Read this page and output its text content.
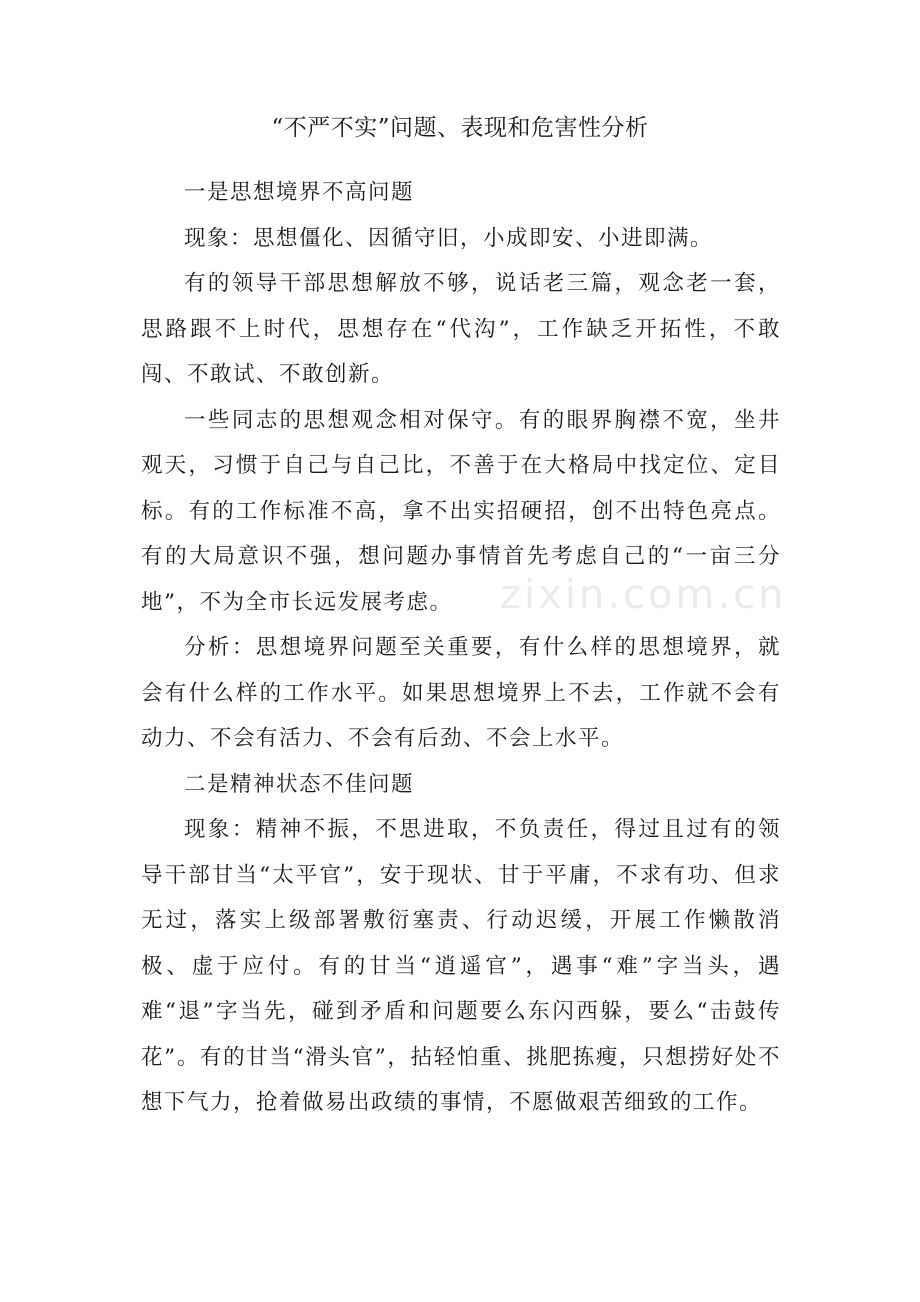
“不严不实”问题、表现和危害性分析

一是思想境界不高问题

现象：思想僵化、因循守旧，小成即安、小进即满。

有的领导干部思想解放不够，说话老三篇，观念老一套，思路跟不上时代，思想存在“代沟”，工作缺乏开拓性，不敢闯、不敢试、不敢创新。

一些同志的思想观念相对保守。有的眼界胸襟不宽，坐井观天，习惯于自己与自己比，不善于在大格局中找定位、定目标。有的工作标准不高，拿不出实招硬招，创不出特色亮点。有的大局意识不强，想问题办事情首先考虑自己的“一亩三分地”，不为全市长远发展考虑。

分析：思想境界问题至关重要，有什么样的思想境界，就会有什么样的工作水平。如果思想境界上不去，工作就不会有动力、不会有活力、不会有后劲、不会上水平。

二是精神状态不佳问题

现象：精神不振，不思进取，不负责任，得过且过有的领导干部甘当“太平官”，安于现状、甘于平庸，不求有功、但求无过，落实上级部署敷衍塞责、行动迟缓，开展工作懒散消极、虚于应付。有的甘当“逍遥官”，遇事“难”字当头，遇难“退”字当先，碰到矛盾和问题要么东闪西躲，要么“击鼓传花”。有的甘当“滑头官”，拈轻怕重、挑肥拣瘦，只想捞好处不想下气力，抢着做易出政绩的事情，不愿做艰苦细致的工作。

zixin.com.cn
